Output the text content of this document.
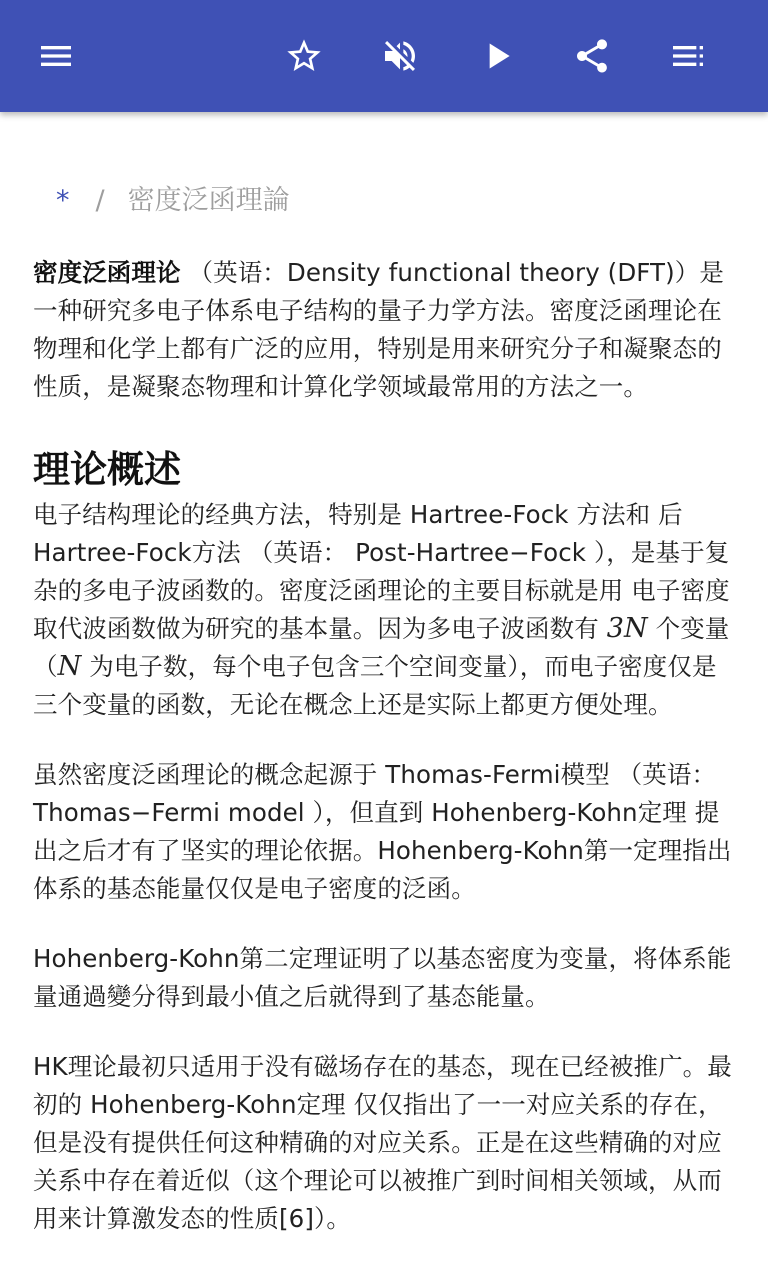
* / 密度泛函理論

密度泛函理论 （英语：Density functional theory (DFT)）是一种研究多电子体系电子结构的量子力学方法。密度泛函理论在物理和化学上都有广泛的应用，特别是用来研究分子和凝聚态的性质，是凝聚态物理和计算化学领域最常用的方法之一。

理论概述

电子结构理论的经典方法，特别是 Hartree-Fock 方法和 后Hartree-Fock方法 （英语： Post-Hartree−Fock ），是基于复杂的多电子波函数的。密度泛函理论的主要目标就是用 电子密度 取代波函数做为研究的基本量。因为多电子波函数有 3N 个变量（N 为电子数，每个电子包含三个空间变量），而电子密度仅是三个变量的函数，无论在概念上还是实际上都更方便处理。

虽然密度泛函理论的概念起源于 Thomas-Fermi模型 （英语： Thomas−Fermi model ），但直到 Hohenberg-Kohn定理 提出之后才有了坚实的理论依据。Hohenberg-Kohn第一定理指出体系的基态能量仅仅是电子密度的泛函。

Hohenberg-Kohn第二定理证明了以基态密度为变量，将体系能量通過變分得到最小值之后就得到了基态能量。

HK理论最初只适用于没有磁场存在的基态，现在已经被推广。最初的 Hohenberg-Kohn定理 仅仅指出了一一对应关系的存在，但是没有提供任何这种精确的对应关系。正是在这些精确的对应关系中存在着近似（这个理论可以被推广到时间相关领域，从而用来计算激发态的性质[6]）。
